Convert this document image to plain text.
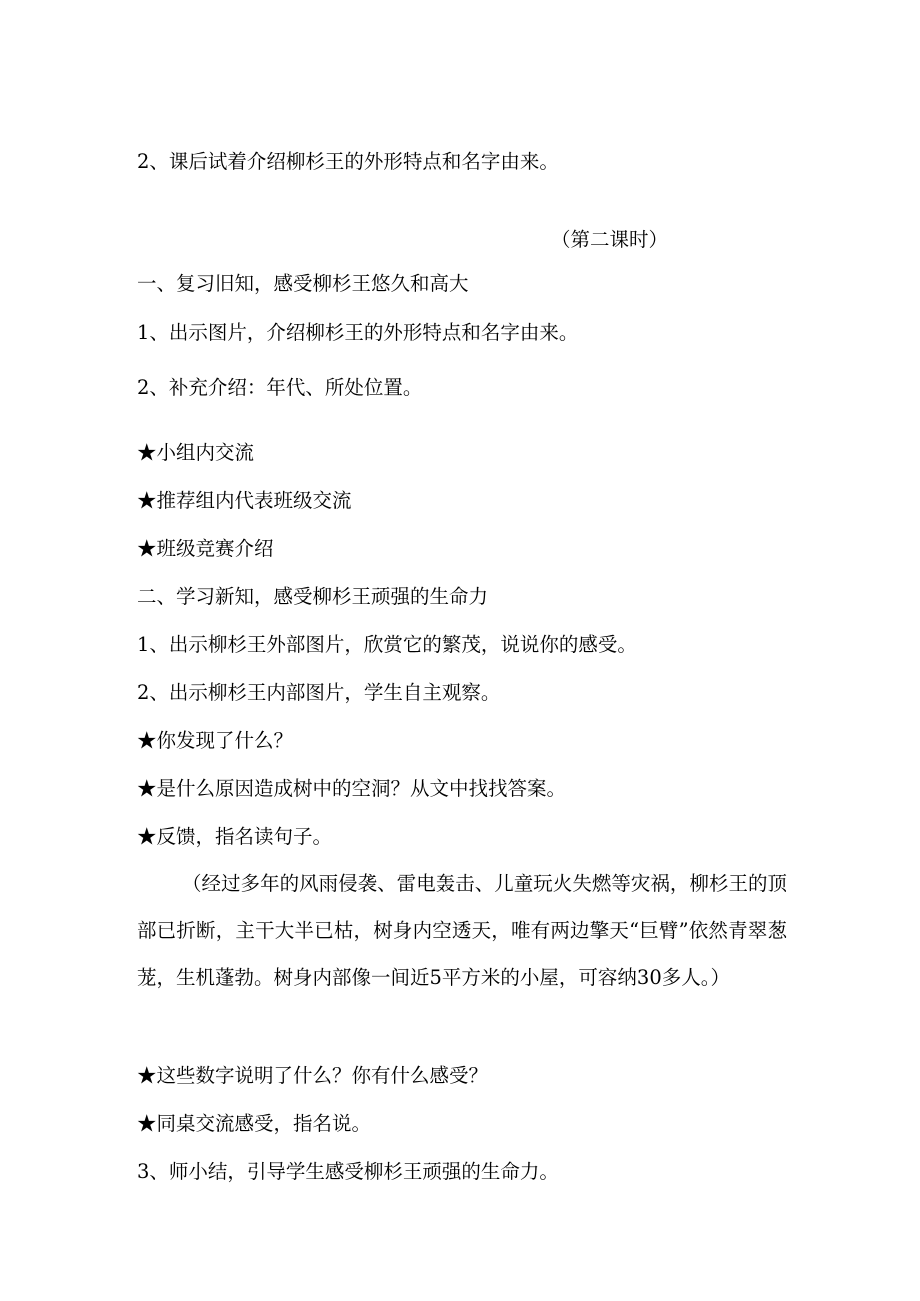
2、课后试着介绍柳杉王的外形特点和名字由来。
（第二课时）
一、复习旧知，感受柳杉王悠久和高大
1、出示图片，介绍柳杉王的外形特点和名字由来。
2、补充介绍：年代、所处位置。
★小组内交流
★推荐组内代表班级交流
★班级竞赛介绍
二、学习新知，感受柳杉王顽强的生命力
1、出示柳杉王外部图片，欣赏它的繁茂，说说你的感受。
2、出示柳杉王内部图片，学生自主观察。
★你发现了什么？
★是什么原因造成树中的空洞？从文中找找答案。
★反馈，指名读句子。
（经过多年的风雨侵袭、雷电轰击、儿童玩火失燃等灾祸，柳杉王的顶部已折断，主干大半已枯，树身内空透天，唯有两边擎天“巨臂”依然青翠葱茏，生机蓬勃。树身内部像一间近5平方米的小屋，可容纳30多人。）
★这些数字说明了什么？你有什么感受？
★同桌交流感受，指名说。
3、师小结，引导学生感受柳杉王顽强的生命力。
